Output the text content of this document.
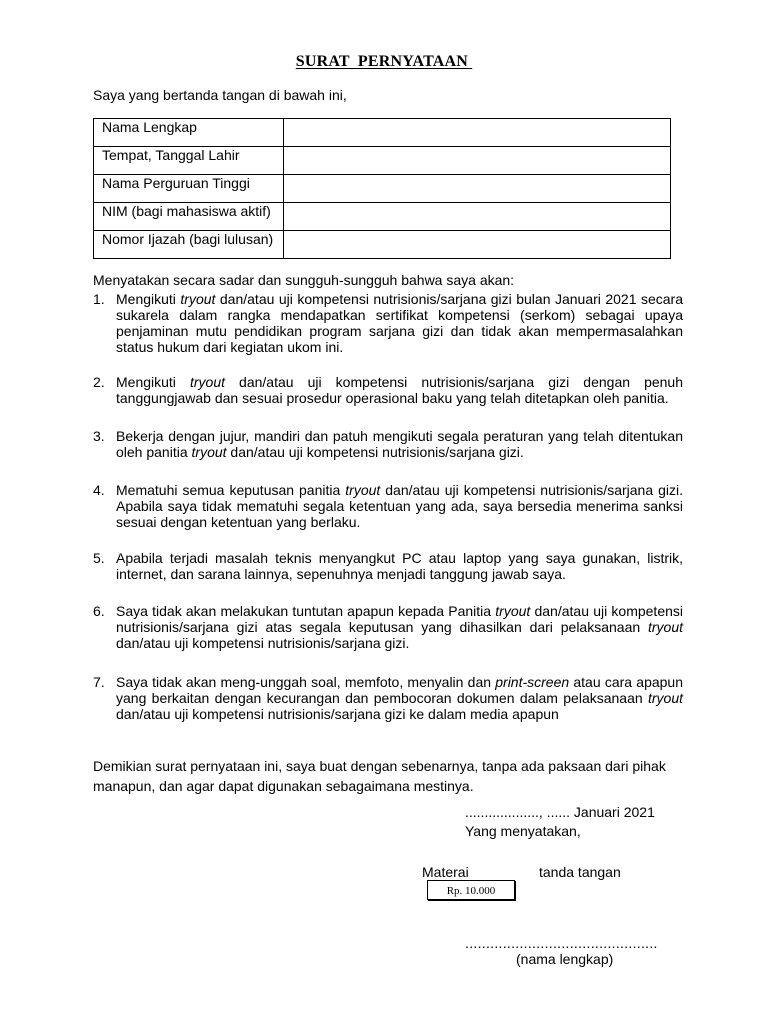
SURAT  PERNYATAAN
Saya yang bertanda tangan di bawah ini,
Nama Lengkap	
Tempat, Tanggal Lahir	
Nama Perguruan Tinggi	
NIM (bagi mahasiswa aktif)	
Nomor Ijazah (bagi lulusan)	
Menyatakan secara sadar dan sungguh-sungguh bahwa saya akan:
1. Mengikuti tryout dan/atau uji kompetensi nutrisionis/sarjana gizi bulan Januari 2021 secara sukarela dalam rangka mendapatkan sertifikat kompetensi (serkom) sebagai upaya penjaminan mutu pendidikan program sarjana gizi dan tidak akan mempermasalahkan status hukum dari kegiatan ukom ini.
2. Mengikuti tryout dan/atau uji kompetensi nutrisionis/sarjana gizi dengan penuh tanggungjawab dan sesuai prosedur operasional baku yang telah ditetapkan oleh panitia.
3. Bekerja dengan jujur, mandiri dan patuh mengikuti segala peraturan yang telah ditentukan oleh panitia tryout dan/atau uji kompetensi nutrisionis/sarjana gizi.
4. Mematuhi semua keputusan panitia tryout dan/atau uji kompetensi nutrisionis/sarjana gizi. Apabila saya tidak mematuhi segala ketentuan yang ada, saya bersedia menerima sanksi sesuai dengan ketentuan yang berlaku.
5. Apabila terjadi masalah teknis menyangkut PC atau laptop yang saya gunakan, listrik, internet, dan sarana lainnya, sepenuhnya menjadi tanggung jawab saya.
6. Saya tidak akan melakukan tuntutan apapun kepada Panitia tryout dan/atau uji kompetensi nutrisionis/sarjana gizi atas segala keputusan yang dihasilkan dari pelaksanaan tryout dan/atau uji kompetensi nutrisionis/sarjana gizi.
7. Saya tidak akan meng-unggah soal, memfoto, menyalin dan print-screen atau cara apapun yang berkaitan dengan kecurangan dan pembocoran dokumen dalam pelaksanaan tryout dan/atau uji kompetensi nutrisionis/sarjana gizi ke dalam media apapun
Demikian surat pernyataan ini, saya buat dengan sebenarnya, tanpa ada paksaan dari pihak manapun, dan agar dapat digunakan sebagaimana mestinya.
..................., ...... Januari 2021
Yang menyatakan,
Materai	tanda tangan
Rp. 10.000
..............................................
(nama lengkap)
